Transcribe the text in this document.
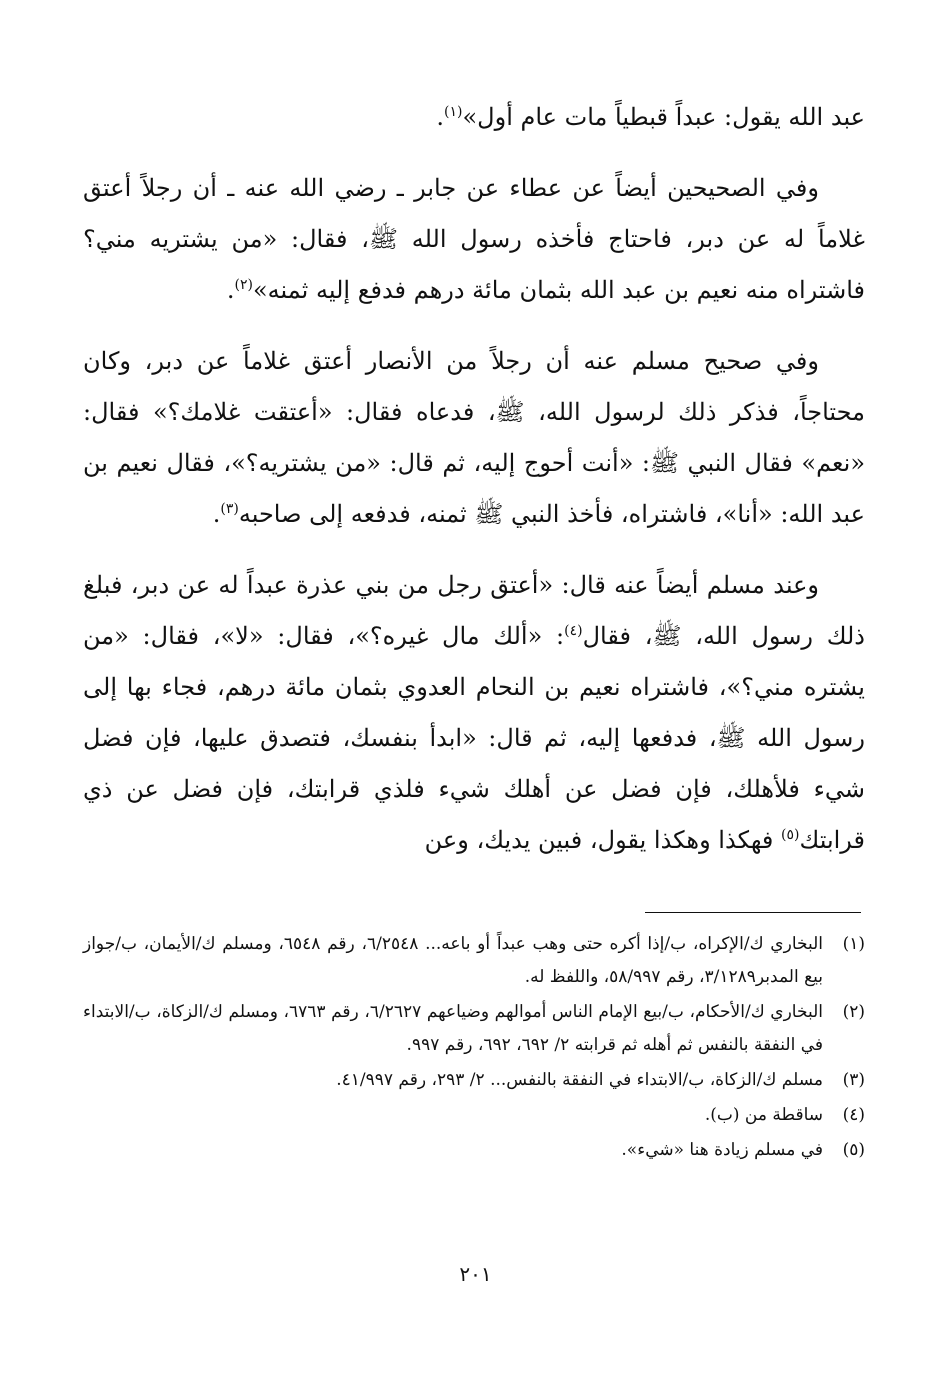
عبد الله يقول: عبداً قبطياً مات عام أول»$^{(١)}$.

وفي الصحيحين أيضاً عن عطاء عن جابر ـ رضي الله عنه ـ أن رجلاً أعتق غلاماً له عن دبر، فاحتاج فأخذه رسول الله ﷺ، فقال: «من يشتريه مني؟ فاشتراه منه نعيم بن عبد الله بثمان مائة درهم فدفع إليه ثمنه»$^{(٢)}$.

وفي صحيح مسلم عنه أن رجلاً من الأنصار أعتق غلاماً عن دبر، وكان محتاجاً، فذكر ذلك لرسول الله، ﷺ، فدعاه فقال: «أعتقت غلامك؟» فقال: «نعم» فقال النبي ﷺ: «أنت أحوج إليه، ثم قال: «من يشتريه؟»، فقال نعيم بن عبد الله: «أنا»، فاشتراه، فأخذ النبي ﷺ ثمنه، فدفعه إلى صاحبه$^{(٣)}$.

وعند مسلم أيضاً عنه قال: «أعتق رجل من بني عذرة عبداً له عن دبر، فبلغ ذلك رسول الله، ﷺ، فقال$^{(٤)}$: «ألك مال غيره؟»، فقال: «لا»، فقال: «من يشتره مني؟»، فاشتراه نعيم بن النحام العدوي بثمان مائة درهم، فجاء بها إلى رسول الله ﷺ، فدفعها إليه، ثم قال: «ابدأ بنفسك، فتصدق عليها، فإن فضل شيء فلأهلك، فإن فضل عن أهلك شيء فلذي قرابتك، فإن فضل عن ذي قرابتك$^{(٥)}$ فهكذا وهكذا يقول، فبين يديك، وعن

(١)
البخاري ك/الإكراه، ب/إذا أكره حتى وهب عبداً أو باعه... ٦/٢٥٤٨، رقم ٦٥٤٨، ومسلم ك/الأيمان، ب/جواز بيع المدبر٣/١٢٨٩، رقم ٥٨/٩٩٧، واللفظ له.
(٢)
البخاري ك/الأحكام، ب/بيع الإمام الناس أموالهم وضياعهم ٦/٢٦٢٧، رقم ٦٧٦٣، ومسلم ك/الزكاة، ب/الابتداء في النفقة بالنفس ثم أهله ثم قرابته ٢/ ٦٩٢، ٦٩٢، رقم ٩٩٧.
(٣)
مسلم ك/الزكاة، ب/الابتداء في النفقة بالنفس... ٢/ ٢٩٣، رقم ٤١/٩٩٧.
(٤)
ساقطة من (ب).
(٥)
في مسلم زيادة هنا «شيء».
٢٠١
